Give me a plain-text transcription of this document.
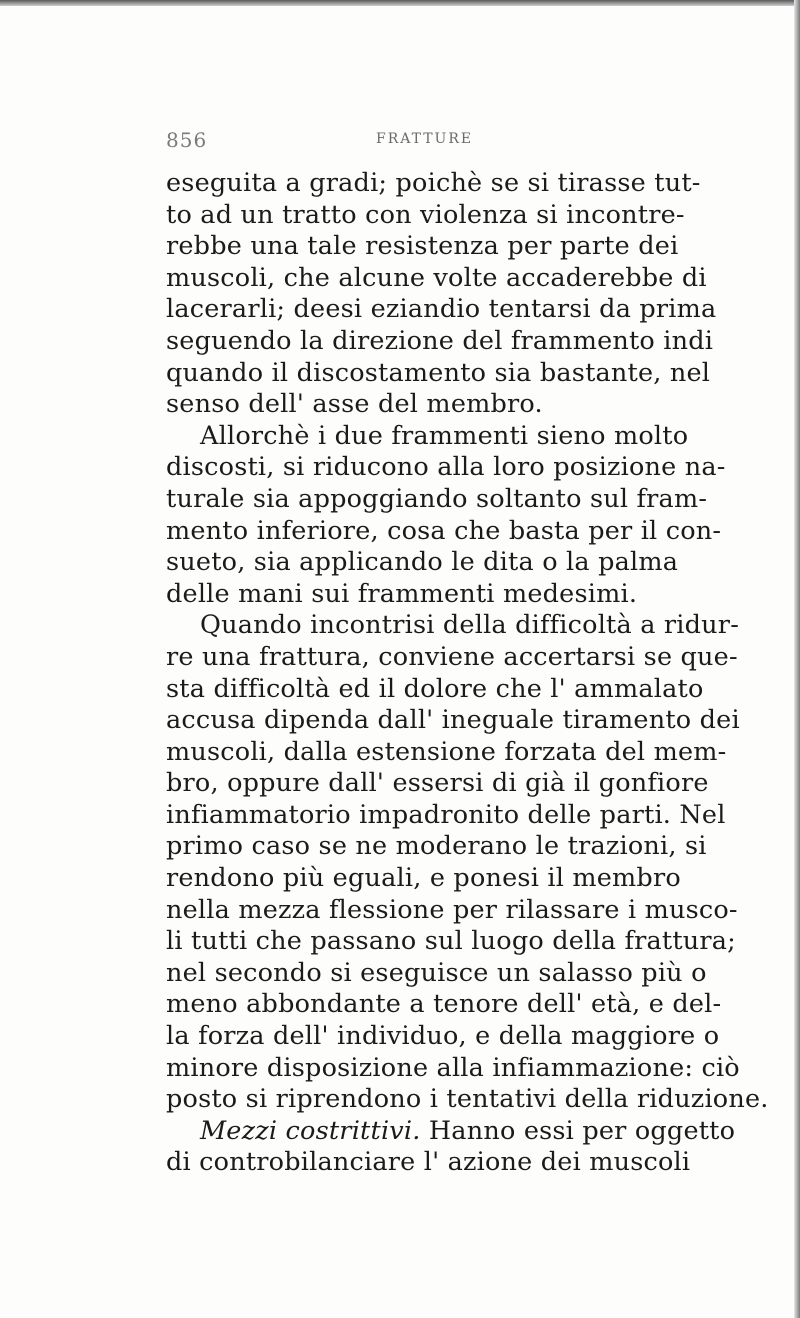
856	FRATTURE
eseguita a gradi; poichè se si tirasse tut-
to ad un tratto con violenza si incontre-
rebbe una tale resistenza per parte dei
muscoli, che alcune volte accaderebbe di
lacerarli; deesi eziandio tentarsi da prima
seguendo la direzione del frammento indi
quando il discostamento sia bastante, nel
senso dell' asse del membro.
Allorchè i due frammenti sieno molto
discosti, si riducono alla loro posizione na-
turale sia appoggiando soltanto sul fram-
mento inferiore, cosa che basta per il con-
sueto, sia applicando le dita o la palma
delle mani sui frammenti medesimi.
Quando incontrisi della difficoltà a ridur-
re una frattura, conviene accertarsi se que-
sta difficoltà ed il dolore che l' ammalato
accusa dipenda dall' ineguale tiramento dei
muscoli, dalla estensione forzata del mem-
bro, oppure dall' essersi di già il gonfiore
infiammatorio impadronito delle parti. Nel
primo caso se ne moderano le trazioni, si
rendono più eguali, e ponesi il membro
nella mezza flessione per rilassare i musco-
li tutti che passano sul luogo della frattura;
nel secondo si eseguisce un salasso più o
meno abbondante a tenore dell' età, e del-
la forza dell' individuo, e della maggiore o
minore disposizione alla infiammazione: ciò
posto si riprendono i tentativi della riduzione.
Mezzi costrittivi. Hanno essi per oggetto
di controbilanciare l' azione dei muscoli
